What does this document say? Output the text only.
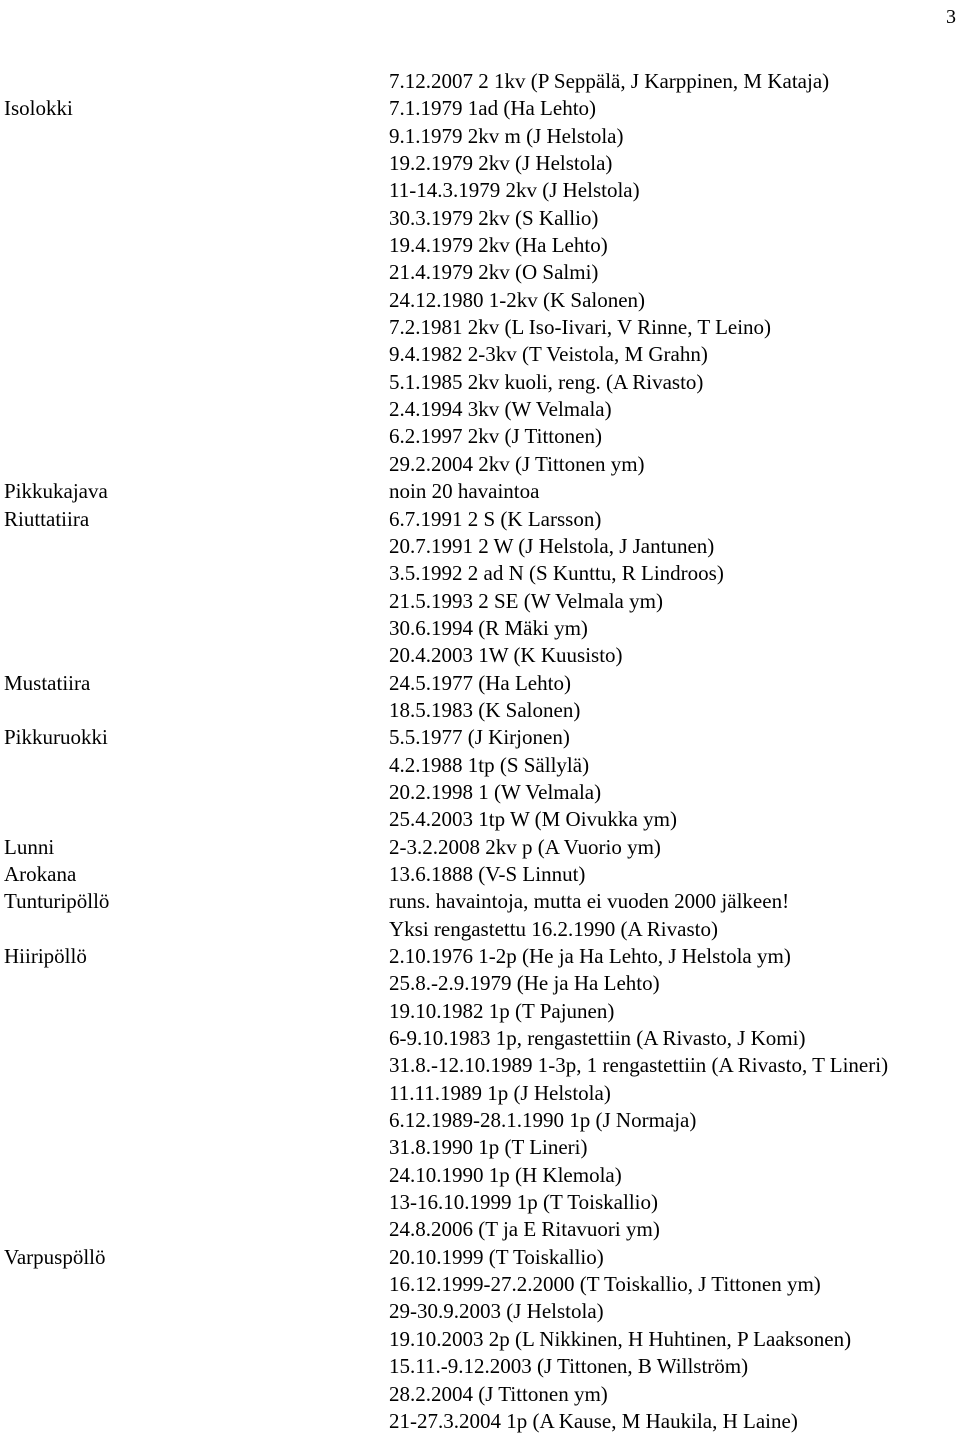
3
7.12.2007 2 1kv (P Seppälä, J Karppinen, M Kataja)
Isolokki	7.1.1979 1ad (Ha Lehto)
9.1.1979 2kv m (J Helstola)
19.2.1979 2kv (J Helstola)
11-14.3.1979 2kv (J Helstola)
30.3.1979 2kv (S Kallio)
19.4.1979 2kv (Ha Lehto)
21.4.1979 2kv (O Salmi)
24.12.1980 1-2kv (K Salonen)
7.2.1981 2kv (L Iso-Iivari, V Rinne, T Leino)
9.4.1982 2-3kv (T Veistola, M Grahn)
5.1.1985 2kv kuoli, reng. (A Rivasto)
2.4.1994 3kv (W Velmala)
6.2.1997 2kv (J Tittonen)
29.2.2004 2kv (J Tittonen ym)
Pikkukajava	noin 20 havaintoa
Riuttatiira	6.7.1991 2 S (K Larsson)
20.7.1991 2 W (J Helstola, J Jantunen)
3.5.1992 2 ad N (S Kunttu, R Lindroos)
21.5.1993 2 SE (W Velmala ym)
30.6.1994 (R Mäki ym)
20.4.2003 1W (K Kuusisto)
Mustatiira	24.5.1977 (Ha Lehto)
18.5.1983 (K Salonen)
Pikkuruokki	5.5.1977 (J Kirjonen)
4.2.1988 1tp (S Sällylä)
20.2.1998 1 (W Velmala)
25.4.2003 1tp W (M Oivukka ym)
Lunni	2-3.2.2008 2kv p (A Vuorio ym)
Arokana	13.6.1888 (V-S Linnut)
Tunturipöllö	runs. havaintoja, mutta ei vuoden 2000 jälkeen!
Yksi rengastettu 16.2.1990 (A Rivasto)
Hiiripöllö	2.10.1976 1-2p (He ja Ha Lehto, J Helstola ym)
25.8.-2.9.1979 (He ja Ha Lehto)
19.10.1982 1p (T Pajunen)
6-9.10.1983 1p, rengastettiin (A Rivasto, J Komi)
31.8.-12.10.1989 1-3p, 1 rengastettiin (A Rivasto, T Lineri)
11.11.1989 1p (J Helstola)
6.12.1989-28.1.1990 1p (J Normaja)
31.8.1990 1p (T Lineri)
24.10.1990 1p (H Klemola)
13-16.10.1999 1p (T Toiskallio)
24.8.2006 (T ja E Ritavuori ym)
Varpuspöllö	20.10.1999 (T Toiskallio)
16.12.1999-27.2.2000 (T Toiskallio, J Tittonen ym)
29-30.9.2003 (J Helstola)
19.10.2003 2p (L Nikkinen, H Huhtinen, P Laaksonen)
15.11.-9.12.2003 (J Tittonen, B Willström)
28.2.2004 (J Tittonen ym)
21-27.3.2004 1p (A Kause, M Haukila, H Laine)
